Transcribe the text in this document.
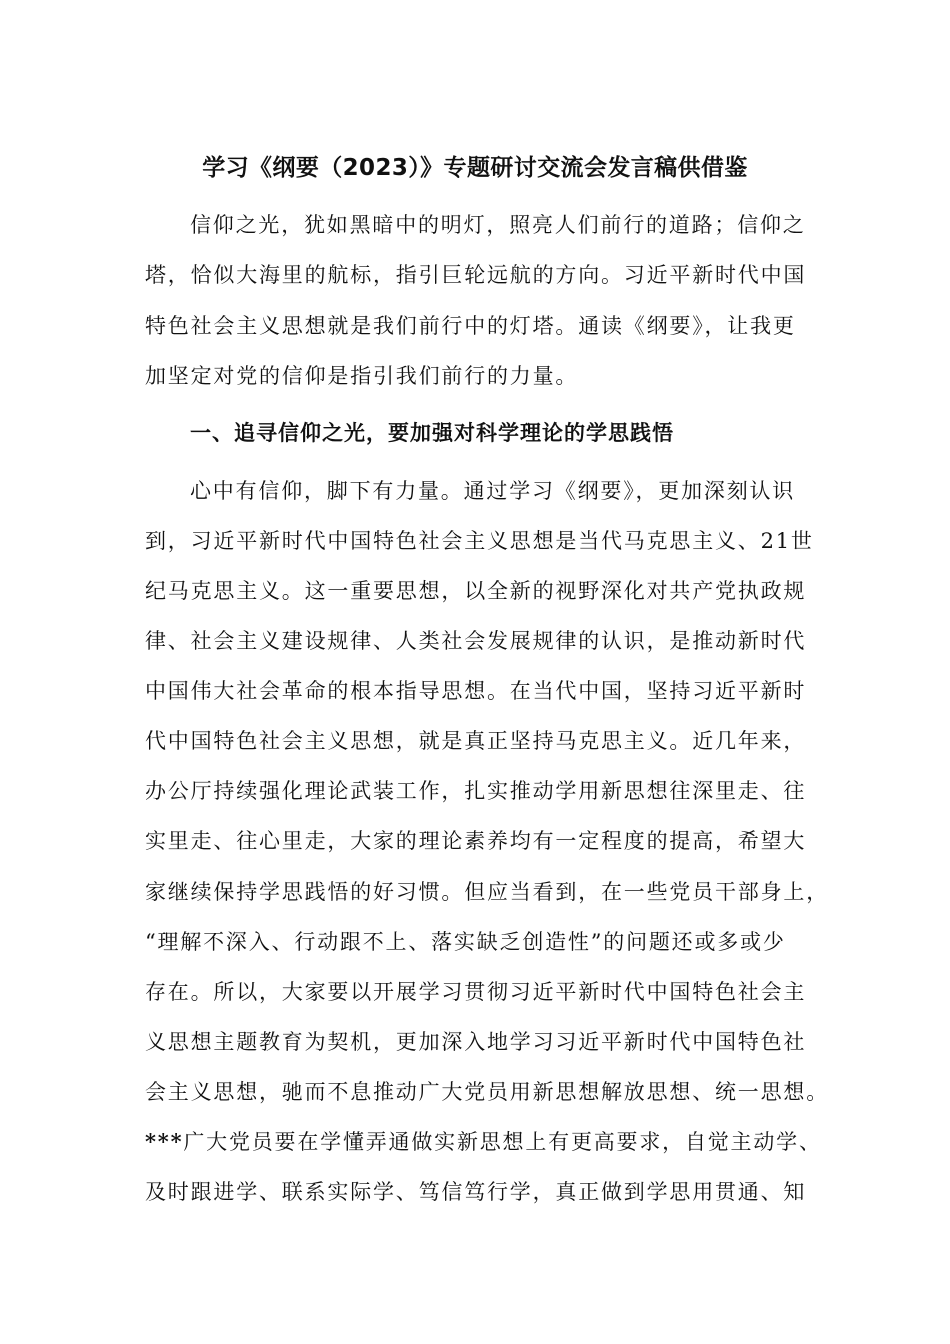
学习《纲要（2023）》专题研讨交流会发言稿供借鉴
信仰之光，犹如黑暗中的明灯，照亮人们前行的道路；信仰之
塔，恰似大海里的航标，指引巨轮远航的方向。习近平新时代中国
特色社会主义思想就是我们前行中的灯塔。通读《纲要》，让我更
加坚定对党的信仰是指引我们前行的力量。
一、追寻信仰之光，要加强对科学理论的学思践悟
心中有信仰，脚下有力量。通过学习《纲要》，更加深刻认识
到，习近平新时代中国特色社会主义思想是当代马克思主义、21世
纪马克思主义。这一重要思想，以全新的视野深化对共产党执政规
律、社会主义建设规律、人类社会发展规律的认识，是推动新时代
中国伟大社会革命的根本指导思想。在当代中国，坚持习近平新时
代中国特色社会主义思想，就是真正坚持马克思主义。近几年来，
办公厅持续强化理论武装工作，扎实推动学用新思想往深里走、往
实里走、往心里走，大家的理论素养均有一定程度的提高，希望大
家继续保持学思践悟的好习惯。但应当看到，在一些党员干部身上，
“理解不深入、行动跟不上、落实缺乏创造性”的问题还或多或少
存在。所以，大家要以开展学习贯彻习近平新时代中国特色社会主
义思想主题教育为契机，更加深入地学习习近平新时代中国特色社
会主义思想，驰而不息推动广大党员用新思想解放思想、统一思想。
***广大党员要在学懂弄通做实新思想上有更高要求，自觉主动学、
及时跟进学、联系实际学、笃信笃行学，真正做到学思用贯通、知
